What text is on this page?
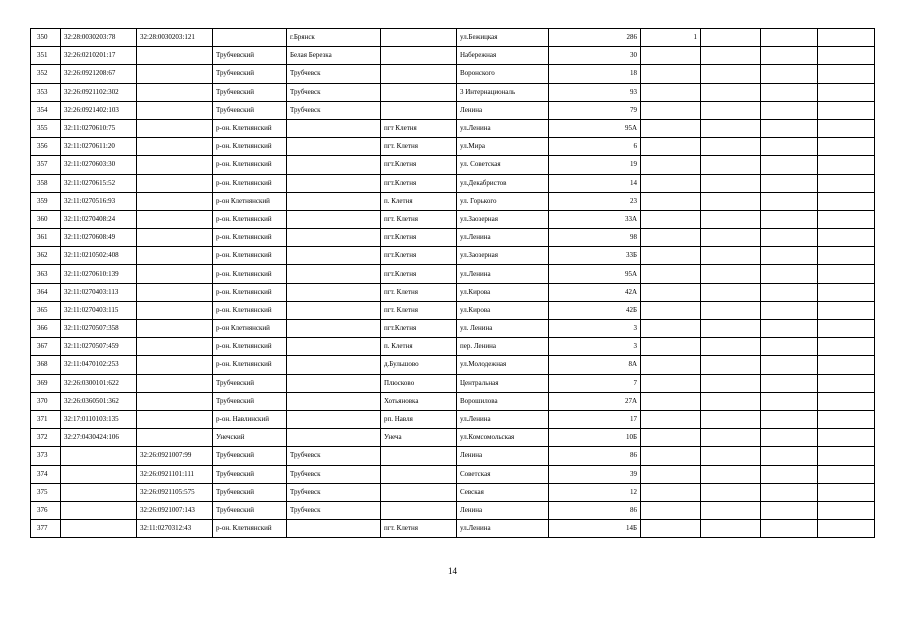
350	32:28:0030203:78	32:28:0030203:121		г.Брянск		ул.Бежицкая	286	1			
351	32:26:0210201:17		Трубчевский	Белая Березка		Набережная	30				
352	32:26:0921208:67		Трубчевский	Трубчевск		Воронского	18				
353	32:26:0921102:302		Трубчевский	Трубчевск		3 Интернациональ	93				
354	32:26:0921402:103		Трубчевский	Трубчевск		Ленина	79				
355	32:11:0270610:75		р-он. Клетнянский		пгт Клетня	ул.Ленина	95А				
356	32:11:0270611:20		р-он. Клетнянский		пгт. Клетня	ул.Мира	6				
357	32:11:0270603:30		р-он. Клетнянский		пгт.Клетня	ул. Советская	19				
358	32:11:0270615:52		р-он. Клетнянский		пгт.Клетня	ул.Декабристов	14				
359	32:11:0270516:93		р-он Клетнянский		п. Клетня	ул. Горького	23				
360	32:11:0270408:24		р-он. Клетнянский		пгт. Клетня	ул.Заозерная	33А				
361	32:11:0270608:49		р-он. Клетнянский		пгт.Клетня	ул.Ленина	98				
362	32:11:0210502:408		р-он. Клетнянский		пгт.Клетня	ул.Заозерная	33Б				
363	32:11:0270610:139		р-он. Клетнянский		пгт.Клетня	ул.Ленина	95А				
364	32:11:0270403:113		р-он. Клетнянский		пгт. Клетня	ул.Кирова	42А				
365	32:11:0270403:115		р-он. Клетнянский		пгт. Клетня	ул.Кирова	42Б				
366	32:11:0270507:358		р-он Клетнянский		пгт.Клетня	ул. Ленина	3				
367	32:11:0270507:459		р-он. Клетнянский		п. Клетня	пер. Ленина	3				
368	32:11:0470102:253		р-он. Клетнянский		д.Бульшово	ул.Молодежная	8А				
369	32:26:0300101:622		Трубчевский		Плюсково	Центральная	7				
370	32:26:0360501:362		Трубчевский		Хотьяновка	Ворошилова	27А				
371	32:17:0110103:135		р-он. Навлинский		рп. Навля	ул.Ленина	17				
372	32:27:0430424:106		Унечский		Унеча	ул.Комсомольская	10Б				
373		32:26:0921007:99	Трубчевский	Трубчевск		Ленина	86				
374		32:26:0921101:111	Трубчевский	Трубчевск		Советская	39				
375		32:26:0921105:575	Трубчевский	Трубчевск		Севская	12				
376		32:26:0921007:143	Трубчевский	Трубчевск		Ленина	86				
377		32:11:0270312:43	р-он. Клетнянский		пгт. Клетня	ул.Ленина	14Б				
14
